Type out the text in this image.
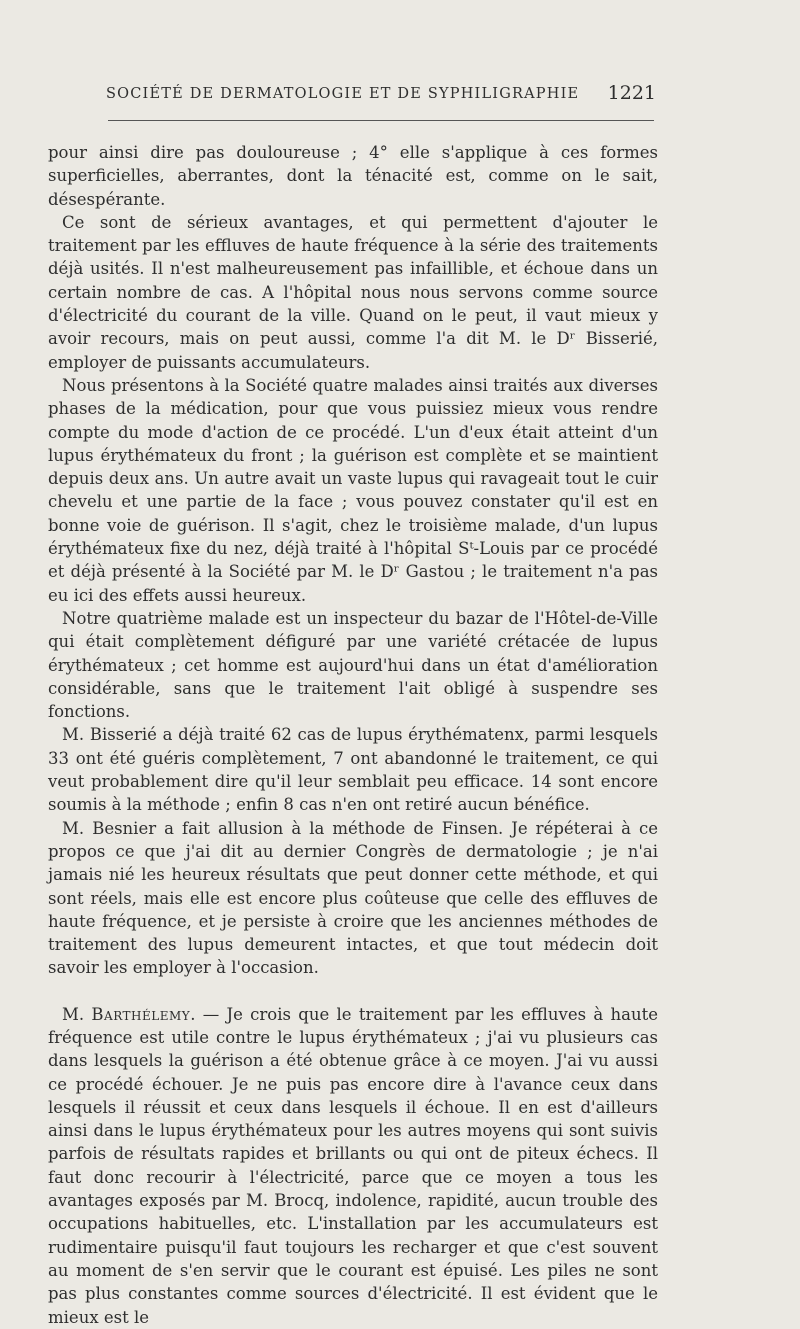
SOCIÉTÉ DE DERMATOLOGIE ET DE SYPHILIGRAPHIE 1221

pour ainsi dire pas douloureuse ; 4° elle s'applique à ces formes superficielles, aberrantes, dont la ténacité est, comme on le sait, désespérante.

Ce sont de sérieux avantages, et qui permettent d'ajouter le traitement par les effluves de haute fréquence à la série des traitements déjà usités. Il n'est malheureusement pas infaillible, et échoue dans un certain nombre de cas. A l'hôpital nous nous servons comme source d'électricité du courant de la ville. Quand on le peut, il vaut mieux y avoir recours, mais on peut aussi, comme l'a dit M. le Dʳ Bisserié, employer de puissants accumulateurs.

Nous présentons à la Société quatre malades ainsi traités aux diverses phases de la médication, pour que vous puissiez mieux vous rendre compte du mode d'action de ce procédé. L'un d'eux était atteint d'un lupus érythémateux du front ; la guérison est complète et se maintient depuis deux ans. Un autre avait un vaste lupus qui ravageait tout le cuir chevelu et une partie de la face ; vous pouvez constater qu'il est en bonne voie de guérison. Il s'agit, chez le troisième malade, d'un lupus érythémateux fixe du nez, déjà traité à l'hôpital Sᵗ-Louis par ce procédé et déjà présenté à la Société par M. le Dʳ Gastou ; le traitement n'a pas eu ici des effets aussi heureux.

Notre quatrième malade est un inspecteur du bazar de l'Hôtel-de-Ville qui était complètement défiguré par une variété crétacée de lupus érythémateux ; cet homme est aujourd'hui dans un état d'amélioration considérable, sans que le traitement l'ait obligé à suspendre ses fonctions.

M. Bisserié a déjà traité 62 cas de lupus érythématenx, parmi lesquels 33 ont été guéris complètement, 7 ont abandonné le traitement, ce qui veut probablement dire qu'il leur semblait peu efficace. 14 sont encore soumis à la méthode ; enfin 8 cas n'en ont retiré aucun bénéfice.

M. Besnier a fait allusion à la méthode de Finsen. Je répéterai à ce propos ce que j'ai dit au dernier Congrès de dermatologie ; je n'ai jamais nié les heureux résultats que peut donner cette méthode, et qui sont réels, mais elle est encore plus coûteuse que celle des effluves de haute fréquence, et je persiste à croire que les anciennes méthodes de traitement des lupus demeurent intactes, et que tout médecin doit savoir les employer à l'occasion.

M. Barthélemy. — Je crois que le traitement par les effluves à haute fréquence est utile contre le lupus érythémateux ; j'ai vu plusieurs cas dans lesquels la guérison a été obtenue grâce à ce moyen. J'ai vu aussi ce procédé échouer. Je ne puis pas encore dire à l'avance ceux dans lesquels il réussit et ceux dans lesquels il échoue. Il en est d'ailleurs ainsi dans le lupus érythémateux pour les autres moyens qui sont suivis parfois de résultats rapides et brillants ou qui ont de piteux échecs. Il faut donc recourir à l'électricité, parce que ce moyen a tous les avantages exposés par M. Brocq, indolence, rapidité, aucun trouble des occupations habituelles, etc. L'installation par les accumulateurs est rudimentaire puisqu'il faut toujours les recharger et que c'est souvent au moment de s'en servir que le courant est épuisé. Les piles ne sont pas plus constantes comme sources d'électricité. Il est évident que le mieux est le
